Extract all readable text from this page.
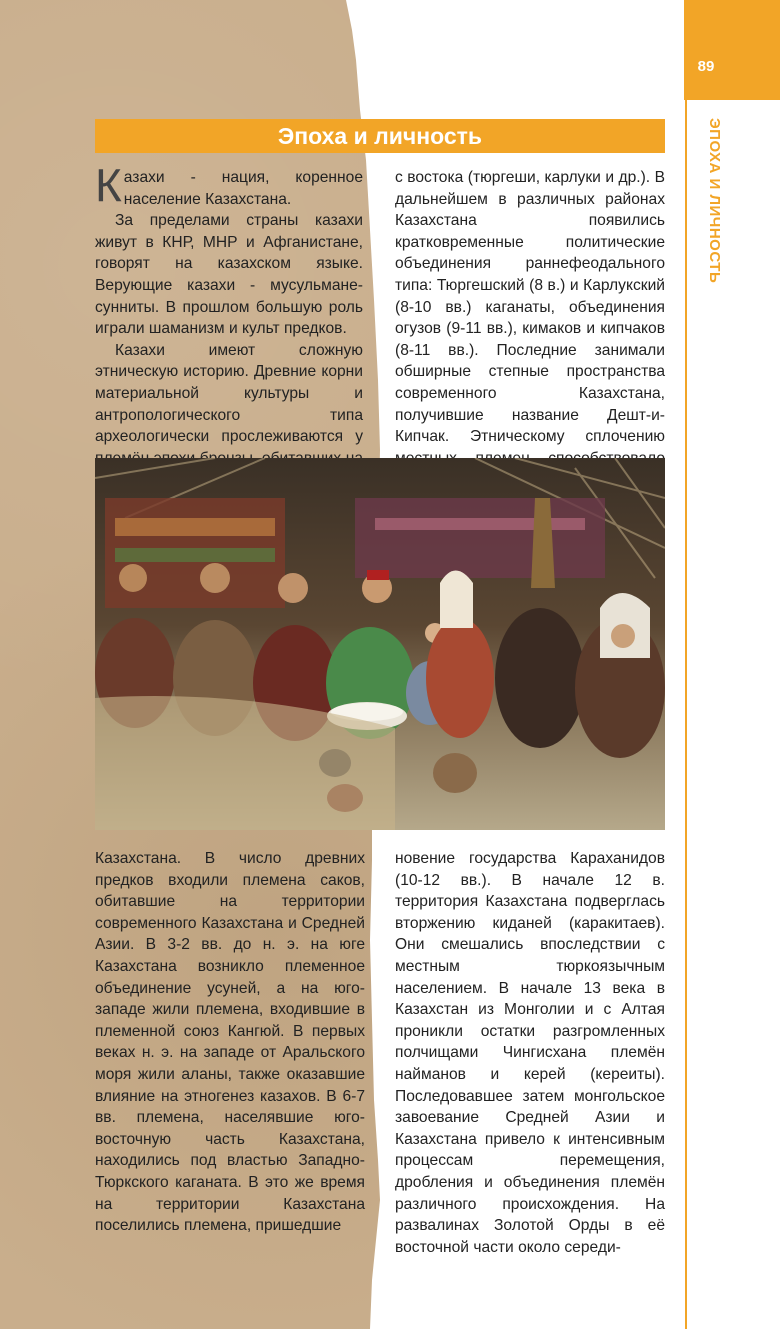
89
ЭПОХА И ЛИЧНОСТЬ
Эпоха и личность

Казахи - нация, коренное население Казахстана.

За пределами страны казахи живут в КНР, МНР и Афганистане, говорят на казахском языке. Верующие казахи - мусульмане-сунниты. В прошлом большую роль играли шаманизм и культ предков.

Казахи имеют сложную этническую историю. Древние корни материальной культуры и антропологического типа археологически прослеживаются у

с востока (тюргеши, карлуки и др.). В дальнейшем в различных районах Казахстана появились кратковременные политические объединения раннефеодального типа: Тюргешский (8 в.) и Карлукский (8-10 вв.) каганаты, объединения огузов (9-11 вв.), кимаков и кипчаков (8-11 вв.). Последние занимали обширные степные пространства современного Казахстана, получившие название Дешт-и-Кипчак. Этническому сплочению

Казахстана. В число древних предков входили племена саков, обитавшие на территории современного Казахстана и Средней Азии. В 3-2 вв. до н. э. на юге Казахстана возникло племенное объединение усуней, а на юго-западе жили племена, входившие в племенной союз Кангюй. В первых веках н. э. на западе от Аральского моря жили аланы, также оказавшие влияние на этногенез казахов. В 6-7 вв. племена, населявшие юго-восточную часть Казахстана, находились под властью Западно-Тюркского каганата. В это же время на территории Казахстана поселились племена, пришедшие

новение государства Караханидов (10-12 вв.). В начале 12 в. территория Казахстана подверглась вторжению киданей (каракитаев). Они смешались впоследствии с местным тюркоязычным населением. В начале 13 века в Казахстан из Монголии и с Алтая проникли остатки разгромленных полчищами Чингисхана племён найманов и керей (кереиты). Последовавшее затем монгольское завоевание Средней Азии и Казахстана привело к интенсивным процессам перемещения, дробления и объединения племён различного происхождения. На развалинах Золотой Орды в её восточной части около середи-
